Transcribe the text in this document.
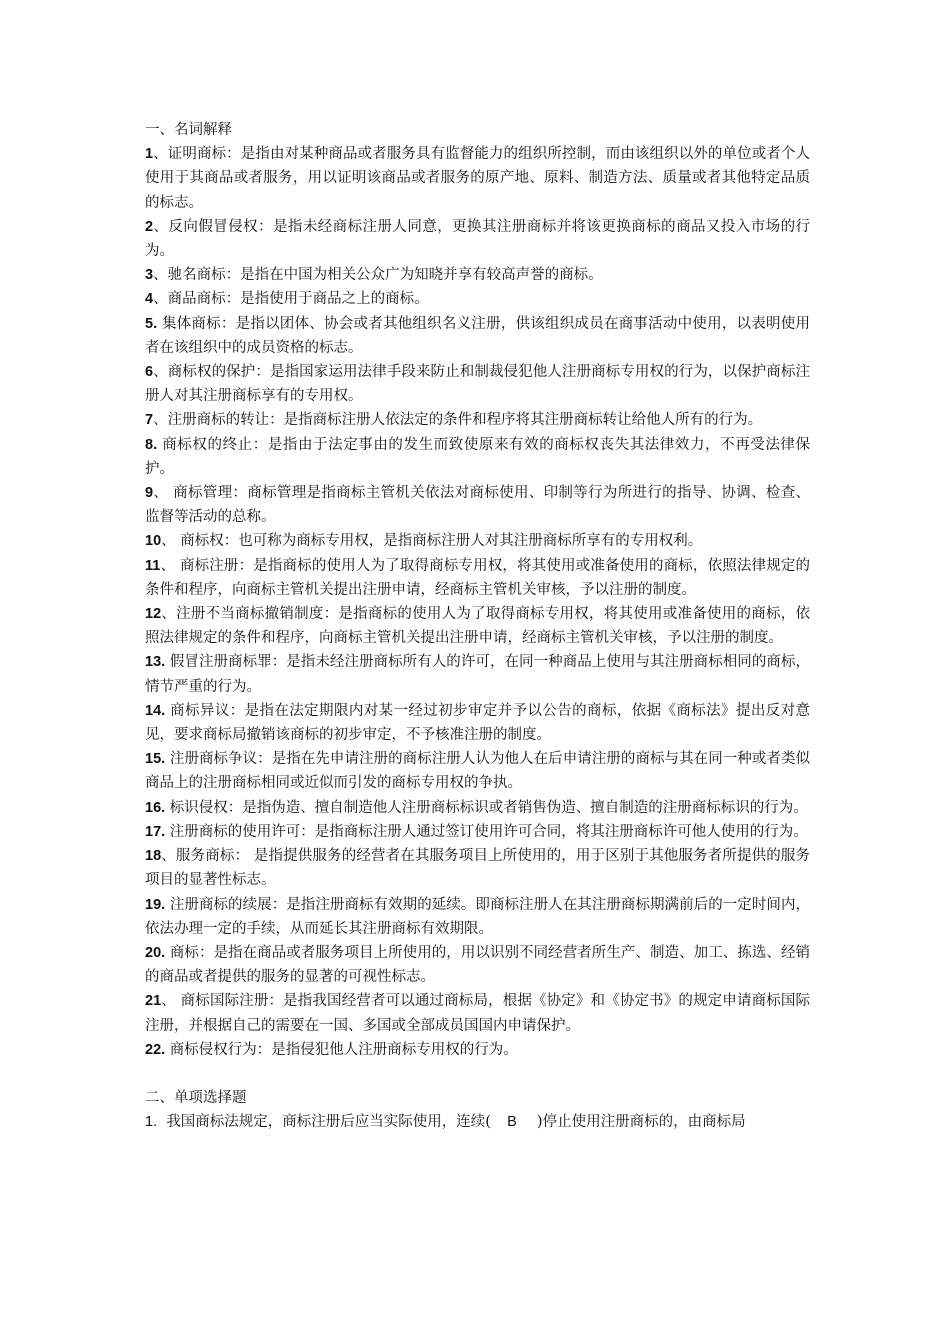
一、名词解释

1、证明商标：是指由对某种商品或者服务具有监督能力的组织所控制，而由该组织以外的单位或者个人使用于其商品或者服务，用以证明该商品或者服务的原产地、原料、制造方法、质量或者其他特定品质的标志。

2、反向假冒侵权：是指未经商标注册人同意，更换其注册商标并将该更换商标的商品又投入市场的行为。

3、驰名商标：是指在中国为相关公众广为知晓并享有较高声誉的商标。

4、商品商标：是指使用于商品之上的商标。

5. 集体商标：是指以团体、协会或者其他组织名义注册，供该组织成员在商事活动中使用，以表明使用者在该组织中的成员资格的标志。

6、商标权的保护：是指国家运用法律手段来防止和制裁侵犯他人注册商标专用权的行为，以保护商标注册人对其注册商标享有的专用权。

7、注册商标的转让：是指商标注册人依法定的条件和程序将其注册商标转让给他人所有的行为。

8. 商标权的终止：是指由于法定事由的发生而致使原来有效的商标权丧失其法律效力，不再受法律保护。

9、 商标管理：商标管理是指商标主管机关依法对商标使用、印制等行为所进行的指导、协调、检查、监督等活动的总称。

10、 商标权：也可称为商标专用权，是指商标注册人对其注册商标所享有的专用权利。

11、 商标注册：是指商标的使用人为了取得商标专用权，将其使用或准备使用的商标，依照法律规定的条件和程序，向商标主管机关提出注册申请，经商标主管机关审核，予以注册的制度。

12、注册不当商标撤销制度：是指商标的使用人为了取得商标专用权，将其使用或准备使用的商标，依照法律规定的条件和程序，向商标主管机关提出注册申请，经商标主管机关审核，予以注册的制度。

13. 假冒注册商标罪：是指未经注册商标所有人的许可，在同一种商品上使用与其注册商标相同的商标，情节严重的行为。

14. 商标异议：是指在法定期限内对某一经过初步审定并予以公告的商标，依据《商标法》提出反对意见，要求商标局撤销该商标的初步审定，不予核准注册的制度。

15. 注册商标争议：是指在先申请注册的商标注册人认为他人在后申请注册的商标与其在同一种或者类似商品上的注册商标相同或近似而引发的商标专用权的争执。

16. 标识侵权：是指伪造、擅自制造他人注册商标标识或者销售伪造、擅自制造的注册商标标识的行为。

17. 注册商标的使用许可：是指商标注册人通过签订使用许可合同，将其注册商标许可他人使用的行为。

18、服务商标： 是指提供服务的经营者在其服务项目上所使用的，用于区别于其他服务者所提供的服务项目的显著性标志。

19. 注册商标的续展：是指注册商标有效期的延续。即商标注册人在其注册商标期满前后的一定时间内，依法办理一定的手续，从而延长其注册商标有效期限。

20. 商标：是指在商品或者服务项目上所使用的，用以识别不同经营者所生产、制造、加工、拣选、经销的商品或者提供的服务的显著的可视性标志。

21、 商标国际注册：是指我国经营者可以通过商标局，根据《协定》和《协定书》的规定申请商标国际注册，并根据自己的需要在一国、多国或全部成员国国内申请保护。

22. 商标侵权行为：是指侵犯他人注册商标专用权的行为。

二、单项选择题

1. 我国商标法规定，商标注册后应当实际使用，连续( B )停止使用注册商标的，由商标局
